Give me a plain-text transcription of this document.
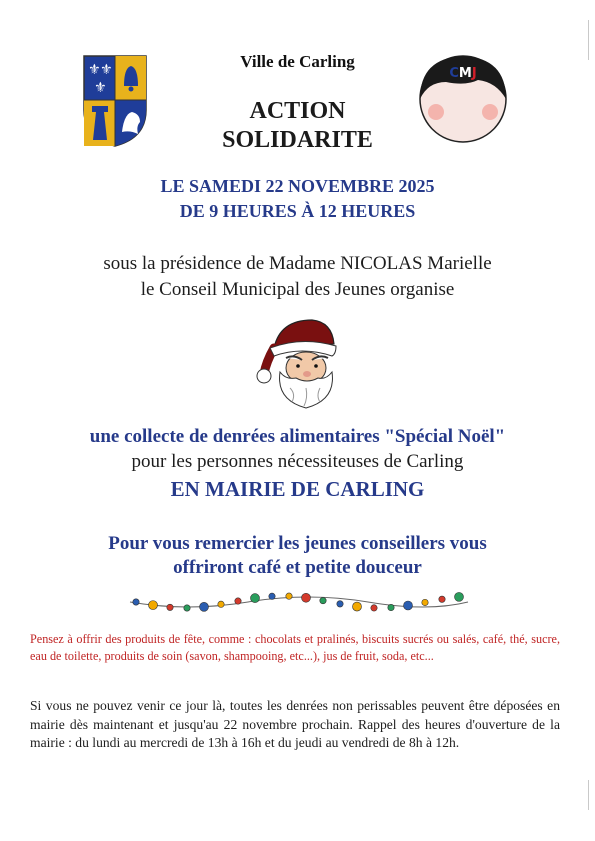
⚜ ⚜
⚜
CMJ
Ville de Carling
ACTION
SOLIDARITE
LE SAMEDI 22 NOVEMBRE 2025
DE 9 HEURES À 12 HEURES
sous la présidence de Madame NICOLAS Marielle
le Conseil Municipal des Jeunes organise
une collecte de denrées alimentaires "Spécial Noël"
pour les personnes nécessiteuses de Carling
EN MAIRIE DE CARLING
Pour vous remercier les jeunes conseillers vous
offriront café et petite douceur
Pensez à offrir des produits de fête, comme : chocolats et pralinés, biscuits sucrés ou salés, café, thé, sucre, eau de toilette, produits de soin (savon, shampooing, etc...), jus de fruit, soda, etc...
Si vous ne pouvez venir ce jour là, toutes les denrées non perissables peuvent être déposées en mairie dès maintenant et jusqu'au 22 novembre prochain. Rappel des heures d'ouverture de la mairie : du lundi au mercredi de 13h à 16h et du jeudi au vendredi de 8h à 12h.
